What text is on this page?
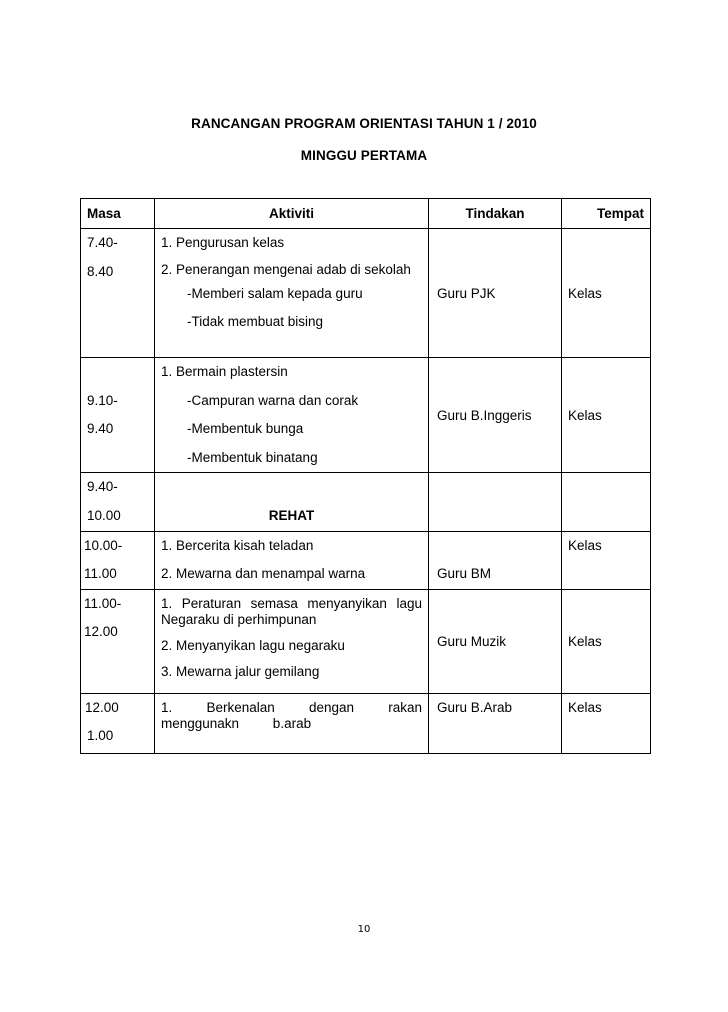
RANCANGAN PROGRAM ORIENTASI TAHUN 1 / 2010
MINGGU PERTAMA
Masa	Aktiviti	Tindakan	Tempat

7.40-
8.40	1. Pengurusan kelas
2. Penerangan mengenai adab di sekolah
-Memberi salam kepada guru
-Tidak membuat bising	Guru PJK	Kelas

9.10-
9.40	1. Bermain plastersin
-Campuran warna dan corak
-Membentuk bunga
-Membentuk binatang	Guru B.Inggeris	Kelas

9.40-
10.00	REHAT		

10.00-
11.00	1. Bercerita kisah teladan
2. Mewarna dan menampal warna	Guru BM	Kelas

11.00-
12.00	1. Peraturan semasa menyanyikan lagu Negaraku di perhimpunan
2. Menyanyikan lagu negaraku
3. Mewarna jalur gemilang	Guru Muzik	Kelas

12.00
1.00	1. Berkenalan dengan rakan menggunakn b.arab	Guru B.Arab	Kelas
10
